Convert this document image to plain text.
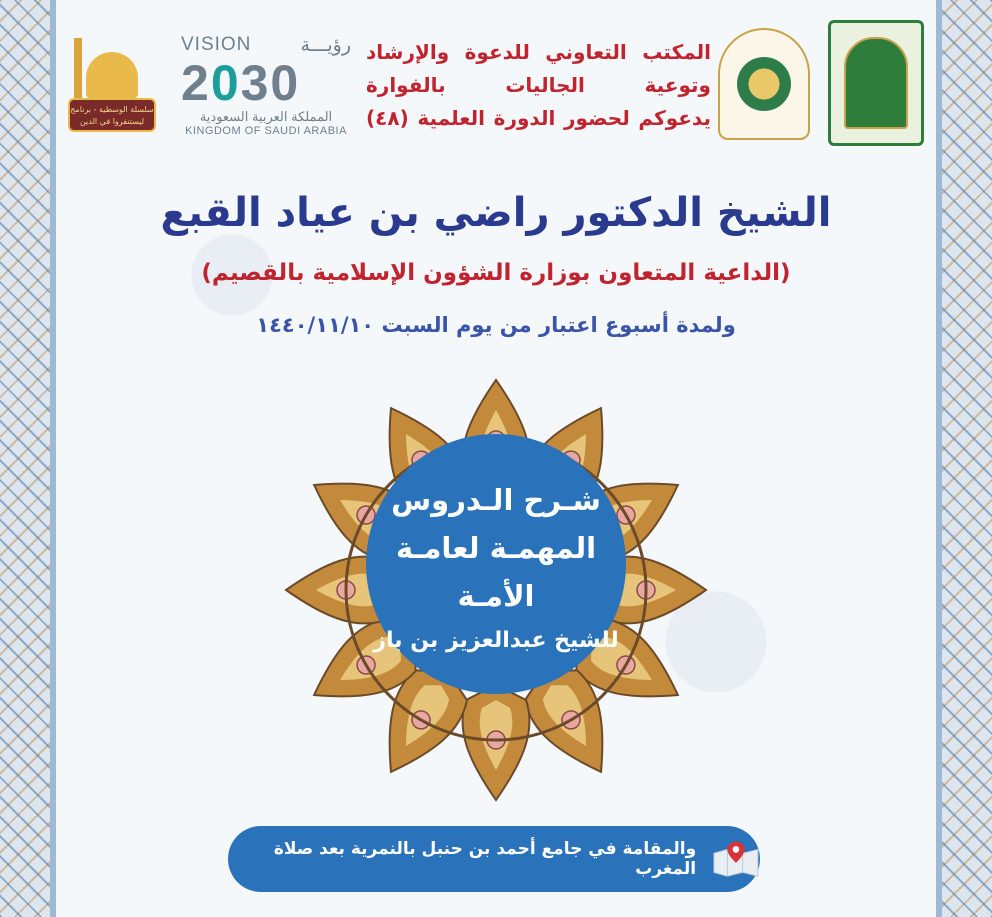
المكتب التعاوني للدعوة والإرشاد
وتوعية الجاليات بالفوارة
يدعوكم لحضور الدورة العلمية (٤٨)
VISION	رؤيـــة
2030
المملكة العربية السعودية
KINGDOM OF SAUDI ARABIA
سلسلة الوسطية - برنامج ليستنفروا في الدين
الشيخ الدكتور راضي بن عياد القبع
(الداعية المتعاون بوزارة الشؤون الإسلامية بالقصيم)
ولمدة أسبوع اعتبار من يوم السبت ١٤٤٠/١١/١٠
شـرح الـدروس
المهمـة لعامـة الأمـة
للشيخ عبدالعزيز بن باز
والمقامة في جامع أحمد بن حنبل بالنمرية بعد صلاة المغرب
